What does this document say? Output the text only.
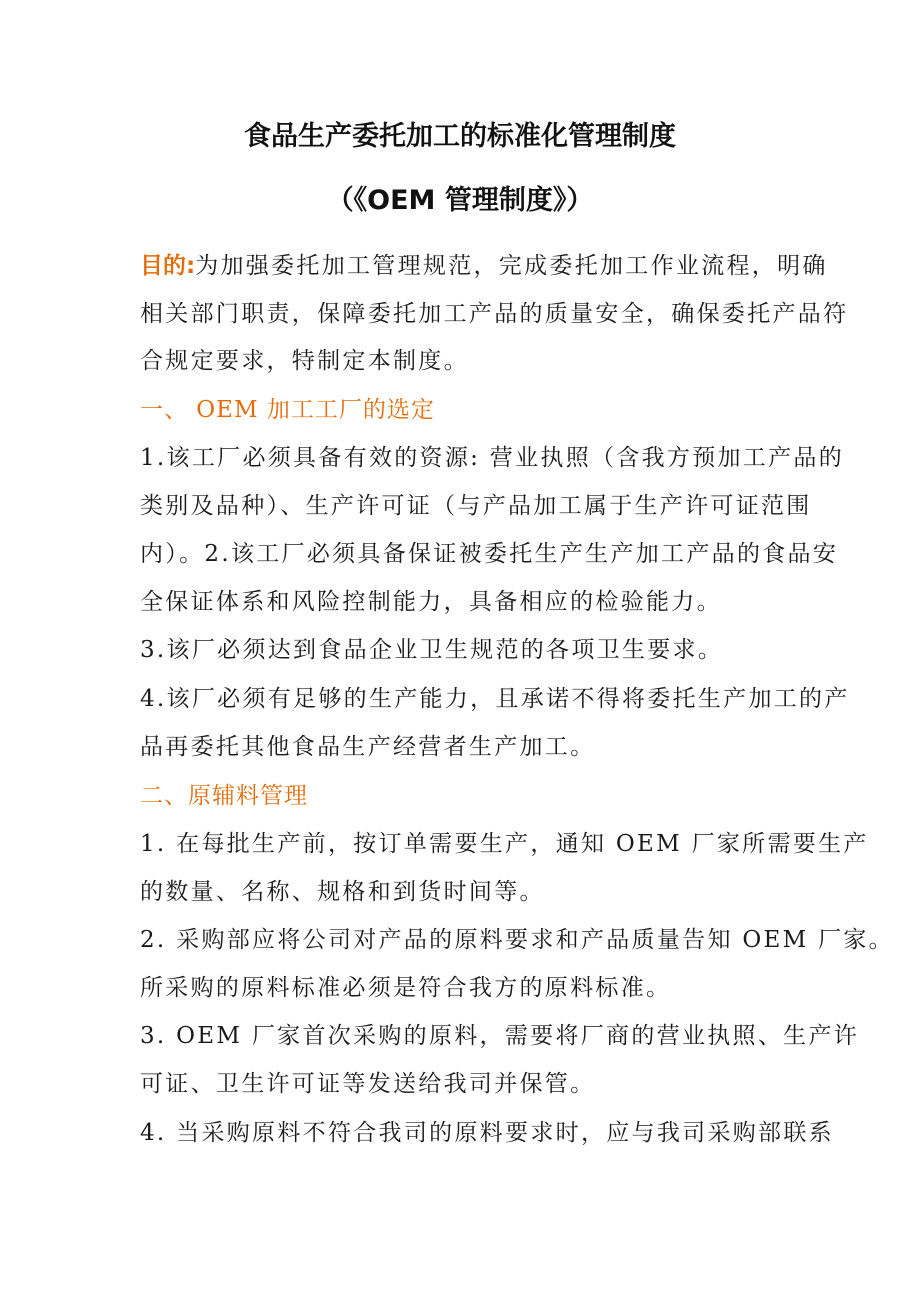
食品生产委托加工的标准化管理制度
（《OEM 管理制度》）
目的:为加强委托加工管理规范，完成委托加工作业流程，明确
相关部门职责，保障委托加工产品的质量安全，确保委托产品符
合规定要求，特制定本制度。
一、 OEM 加工工厂的选定
1.该工厂必须具备有效的资源: 营业执照（含我方预加工产品的
类别及品种）、生产许可证（与产品加工属于生产许可证范围
内）。2.该工厂必须具备保证被委托生产生产加工产品的食品安
全保证体系和风险控制能力，具备相应的检验能力。
3.该厂必须达到食品企业卫生规范的各项卫生要求。
4.该厂必须有足够的生产能力，且承诺不得将委托生产加工的产
品再委托其他食品生产经营者生产加工。
二、原辅料管理
1. 在每批生产前，按订单需要生产，通知 OEM 厂家所需要生产
的数量、名称、规格和到货时间等。
2. 采购部应将公司对产品的原料要求和产品质量告知 OEM 厂家。
所采购的原料标准必须是符合我方的原料标准。
3. OEM 厂家首次采购的原料，需要将厂商的营业执照、生产许
可证、卫生许可证等发送给我司并保管。
4. 当采购原料不符合我司的原料要求时，应与我司采购部联系
